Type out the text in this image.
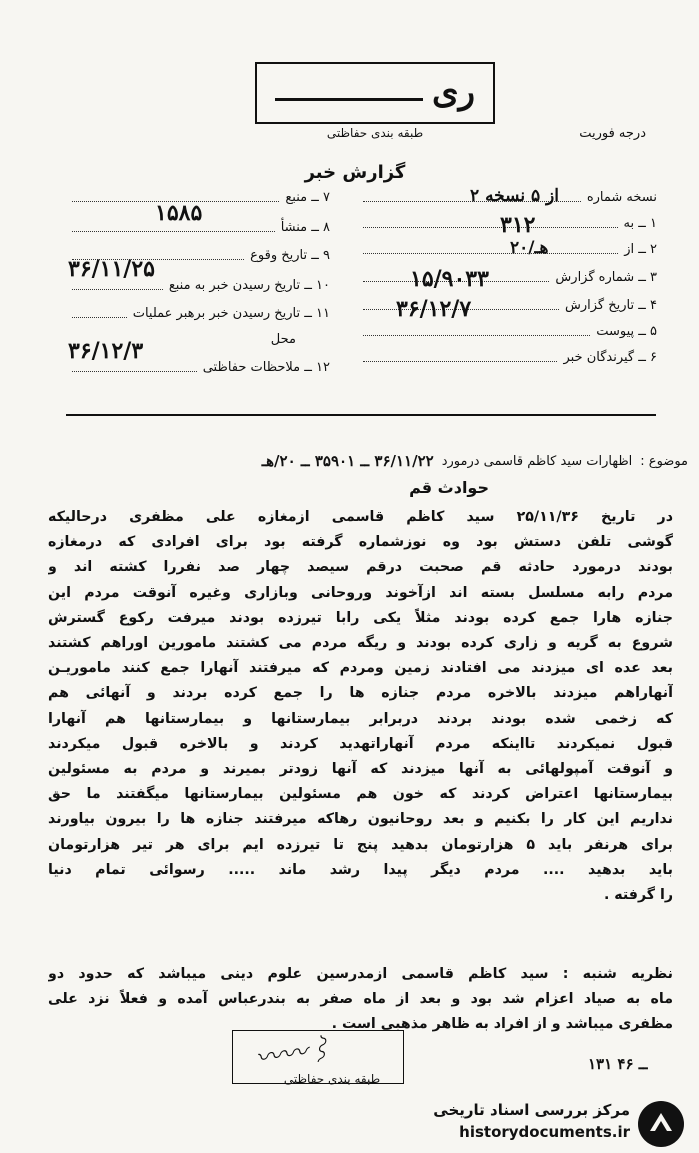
ری
طبقه بندی حفاظتی	درجه فوریت
گزارش خبر
نسخه شماره
۲ از ۵ نسخه
۱ ــ به
۳۱۲
۲ ــ از
۲۰/هـ
۳ ــ شماره گزارش
۱۵/۹۰۳۳
۴ ــ تاریخ گزارش
۳۶/۱۲/۷
۵ ــ پیوست
۶ ــ گیرندگان خبر
۷ ــ منبع
۱۵۸۵
۸ ــ منشأ
۹ ــ تاریخ وقوع
۳۶/۱۱/۲۵
۱۰ ــ تاریخ رسیدن خبر به منبع
۱۱ ــ تاریخ رسیدن خبر برهبر عملیات
محل
۳۶/۱۲/۳
۱۲ ــ ملاحظات حفاظتی
موضوع :
اظهارات سید کاظم قاسمی درمورد
۳۶/۱۱/۲۲ ــ ۳۵۹۰۱ ــ ۲۰/هـ
حوادث قم

در تاریخ ۲۵/۱۱/۳۶ سید کاظم قاسمی ازمغازه علی مظفری درحالیکه

گوشی تلفن دستش بود وه نوزشماره گرفته بود برای افرادی که درمغازه

بودند درمورد حادثه قم صحبت درقم سیصد چهار صد نفررا کشته اند و

مردم رابه مسلسل بسته اند ازآخوند وروحانی وبازاری وغیره آنوقت مردم این

جنازه هارا جمع کرده بودند مثلاً یکی رابا تیرزده بودند میرفت رکوع گسترش

شروع به گریه و زاری کرده بودند و ریگه مردم می کشتند مامورین اوراهم کشتند

بعد عده ای میزدند می افتادند زمین ومردم که میرفتند آنهارا جمع کنند ماموریـن

آنهاراهم میزدند بالاخره مردم جنازه ها را جمع کرده بردند و آنهائی هم

که زخمی شده بودند بردند دربرابر بیمارستانها و بیمارستانها هم آنهارا

قبول نمیکردند تااینکه مردم آنهاراتهدید کردند و بالاخره قبول میکردند

و آنوقت آمپولهائی به آنها میزدند که آنها زودتر بمیرند و مردم به مسئولین

بیمارستانها اعتراض کردند که خون هم مسئولین بیمارستانها میگفتند ما حق

نداریم این کار را بکنیم و بعد روحانیون رهاکه میرفتند جنازه ها را بیرون بیاورند

برای هرنفر باید ۵ هزارتومان بدهید پنج تا تیرزده ایم برای هر تیر هزارتومان

باید بدهید .... مردم دیگر پیدا رشد ماند ..... رسوائی تمام دنیا

را گرفته .

نظریه شنبه : سید کاظم قاسمی ازمدرسین علوم دینی میباشد که حدود دو

ماه به صیاد اعزام شد بود و بعد از ماه صفر به بندرعباس آمده و فعلاً نزد علی

مظفری میباشد و از افراد به ظاهر مذهبی است .

〰〰⌇
طبقه بندی حفاظتی
۱۳۱ ــ ۴۶
مرکز بررسی اسناد تاریخی
historydocuments.ir
